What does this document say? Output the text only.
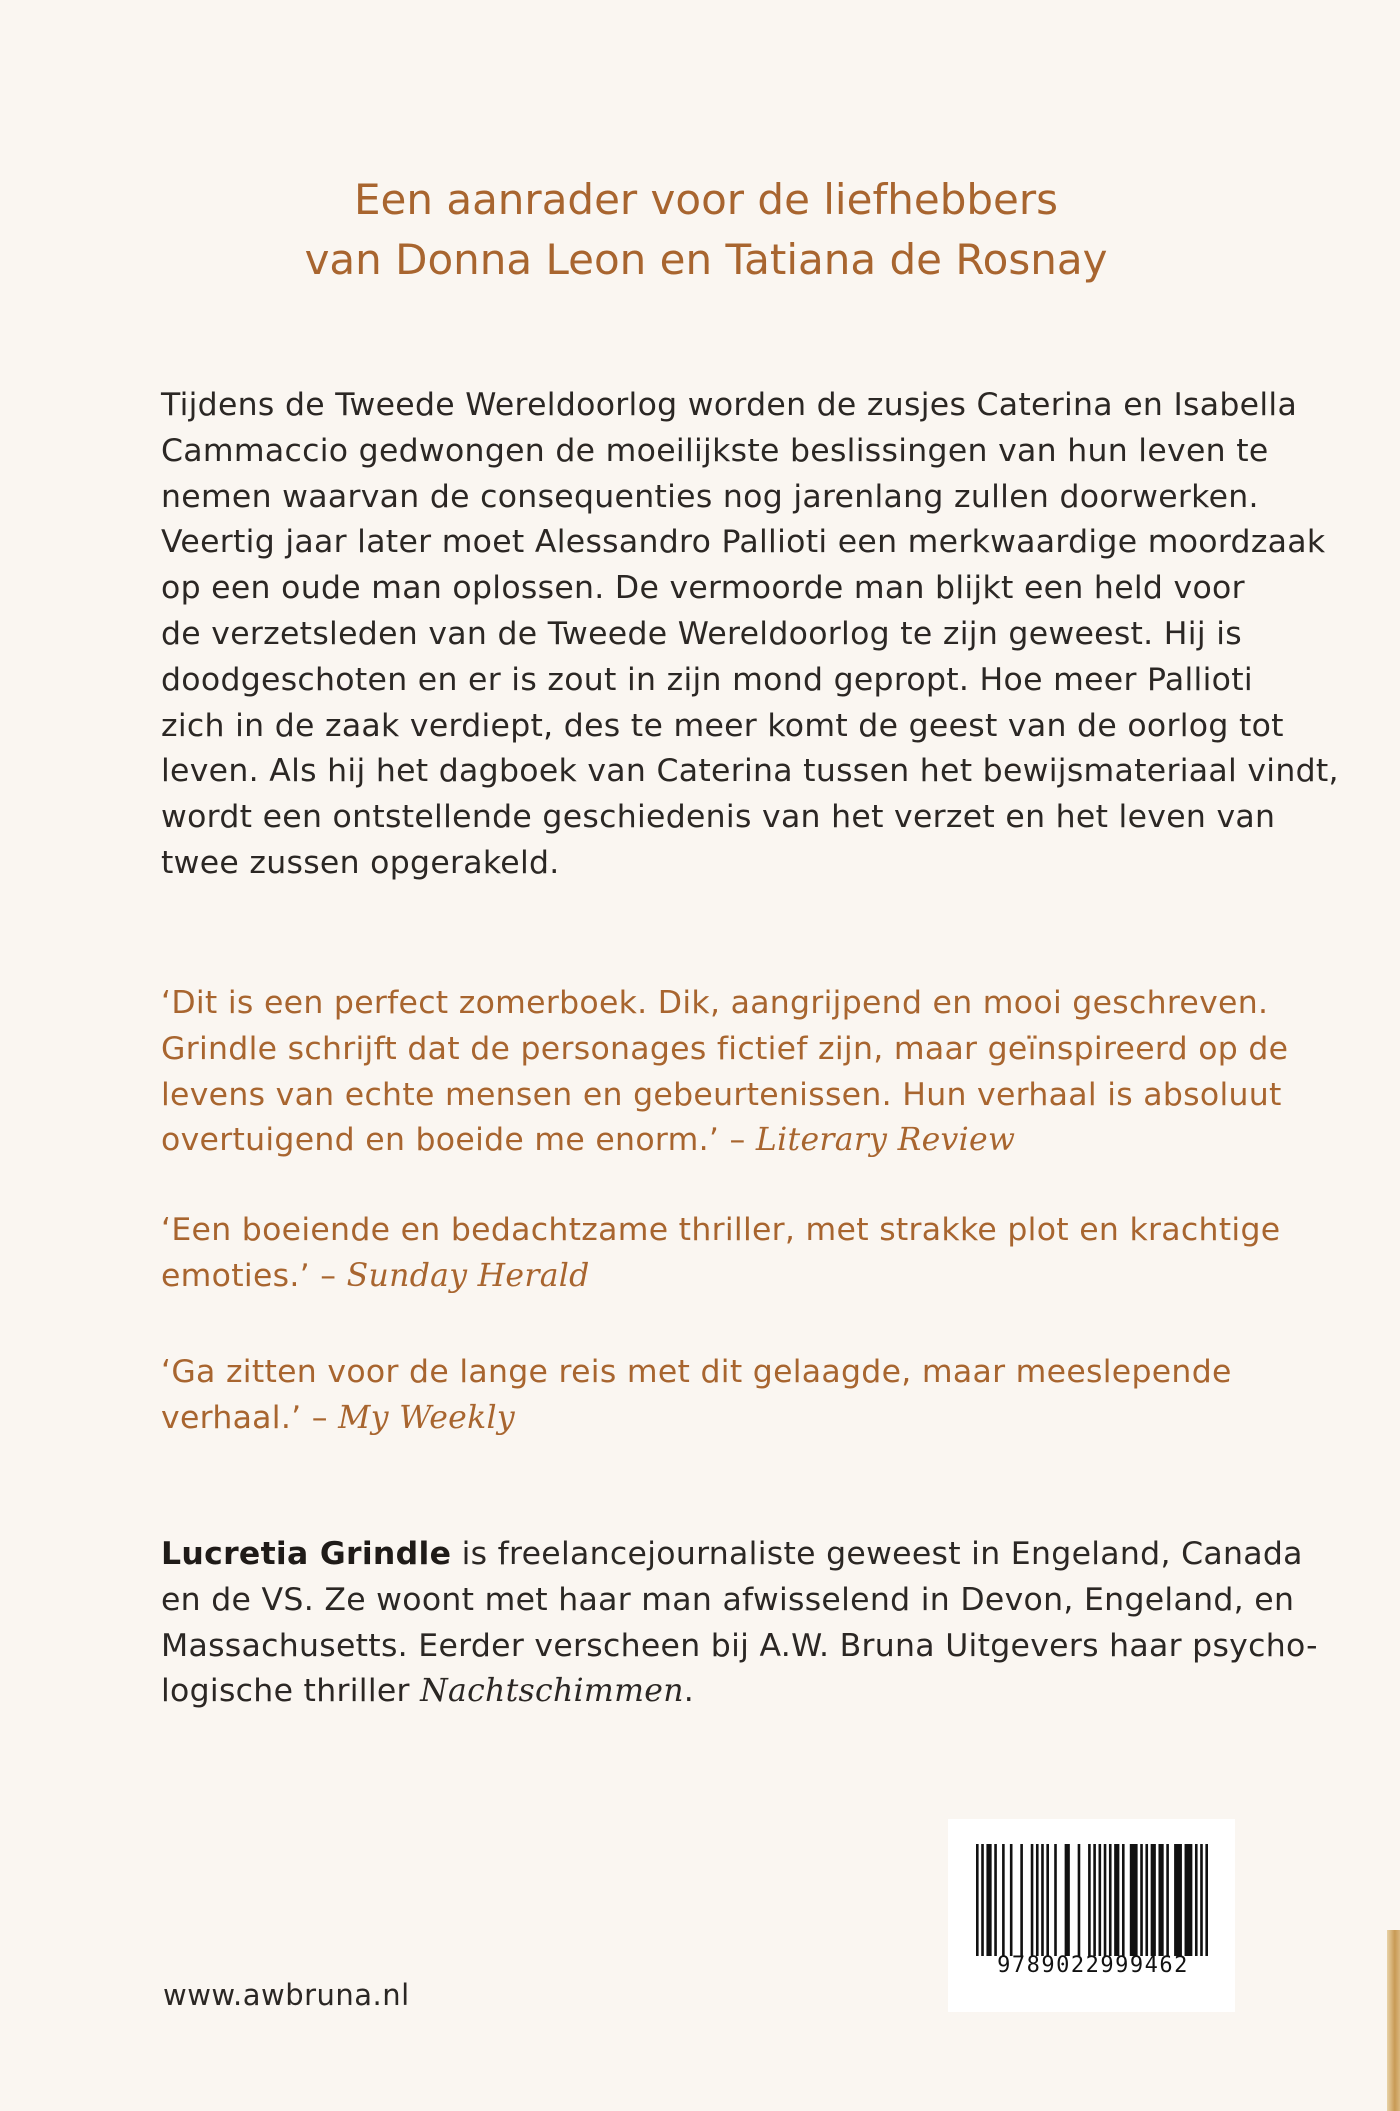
Een aanrader voor de liefhebbers
van Donna Leon en Tatiana de Rosnay
Tijdens de Tweede Wereldoorlog worden de zusjes Caterina en Isabella
Cammaccio gedwongen de moeilijkste beslissingen van hun leven te
nemen waarvan de consequenties nog jarenlang zullen doorwerken.
Veertig jaar later moet Alessandro Pallioti een merkwaardige moordzaak
op een oude man oplossen. De vermoorde man blijkt een held voor
de verzetsleden van de Tweede Wereldoorlog te zijn geweest. Hij is
doodgeschoten en er is zout in zijn mond gepropt. Hoe meer Pallioti
zich in de zaak verdiept, des te meer komt de geest van de oorlog tot
leven. Als hij het dagboek van Caterina tussen het bewijsmateriaal vindt,
wordt een ontstellende geschiedenis van het verzet en het leven van
twee zussen opgerakeld.
‘Dit is een perfect zomerboek. Dik, aangrijpend en mooi geschreven.
Grindle schrijft dat de personages fictief zijn, maar geïnspireerd op de
levens van echte mensen en gebeurtenissen. Hun verhaal is absoluut
overtuigend en boeide me enorm.’ – Literary Review
‘Een boeiende en bedachtzame thriller, met strakke plot en krachtige
emoties.’ – Sunday Herald
‘Ga zitten voor de lange reis met dit gelaagde, maar meeslepende
verhaal.’ – My Weekly
Lucretia Grindle is freelancejournaliste geweest in Engeland, Canada
en de VS. Ze woont met haar man afwisselend in Devon, Engeland, en
Massachusetts. Eerder verscheen bij A.W. Bruna Uitgevers haar psycho-
logische thriller Nachtschimmen.
www.awbruna.nl
9789022999462
